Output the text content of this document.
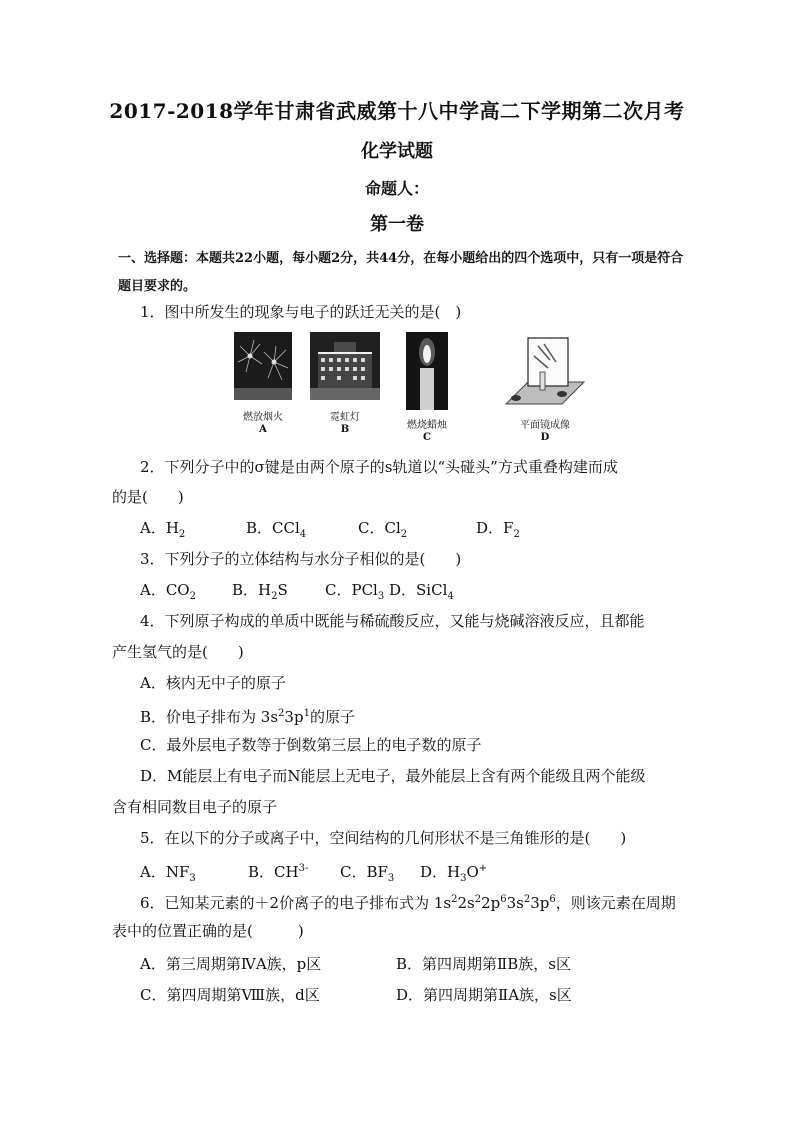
2017-2018学年甘肃省武威第十八中学高二下学期第二次月考
化学试题
命题人：
第一卷
一、选择题：本题共22小题，每小题2分，共44分，在每小题给出的四个选项中，只有一项是符合题目要求的。
1．图中所发生的现象与电子的跃迁无关的是(　)
燃放烟火
A
霓虹灯
B	燃烧蜡烛
C
平面镜成像
D
2．下列分子中的σ键是由两个原子的s轨道以“头碰头”方式重叠构建而成
的是(　　)
A．$H_2$	B．CCl$_4$	C．$Cl_2$	D．$F_2$
3．下列分子的立体结构与水分子相似的是(　　)
A．$CO_2$ B．$H_2S$ C．PCl$_3$ D．SiCl$_4$
4．下列原子构成的单质中既能与稀硫酸反应，又能与烧碱溶液反应，且都能
产生氢气的是(　　)
A．核内无中子的原子
B．价电子排布为 $3s^23p^1$的原子
C．最外层电子数等于倒数第三层上的电子数的原子
D．M能层上有电子而N能层上无电子，最外能层上含有两个能级且两个能级
含有相同数目电子的原子
5．在以下的分子或离子中，空间结构的几何形状不是三角锥形的是(　　)
A．$NF_3$	B．$CH^{3-}$ C．$BF_3$ D．$H_3O^+$
6．已知某元素的＋2价离子的电子排布式为 $1s^22s^22p^63s^23p^6$，则该元素在周期
表中的位置正确的是(　　　)
A．第三周期第ⅣA族，p区	B．第四周期第ⅡB族，s区
C．第四周期第Ⅷ族，d区	D．第四周期第ⅡA族，s区
